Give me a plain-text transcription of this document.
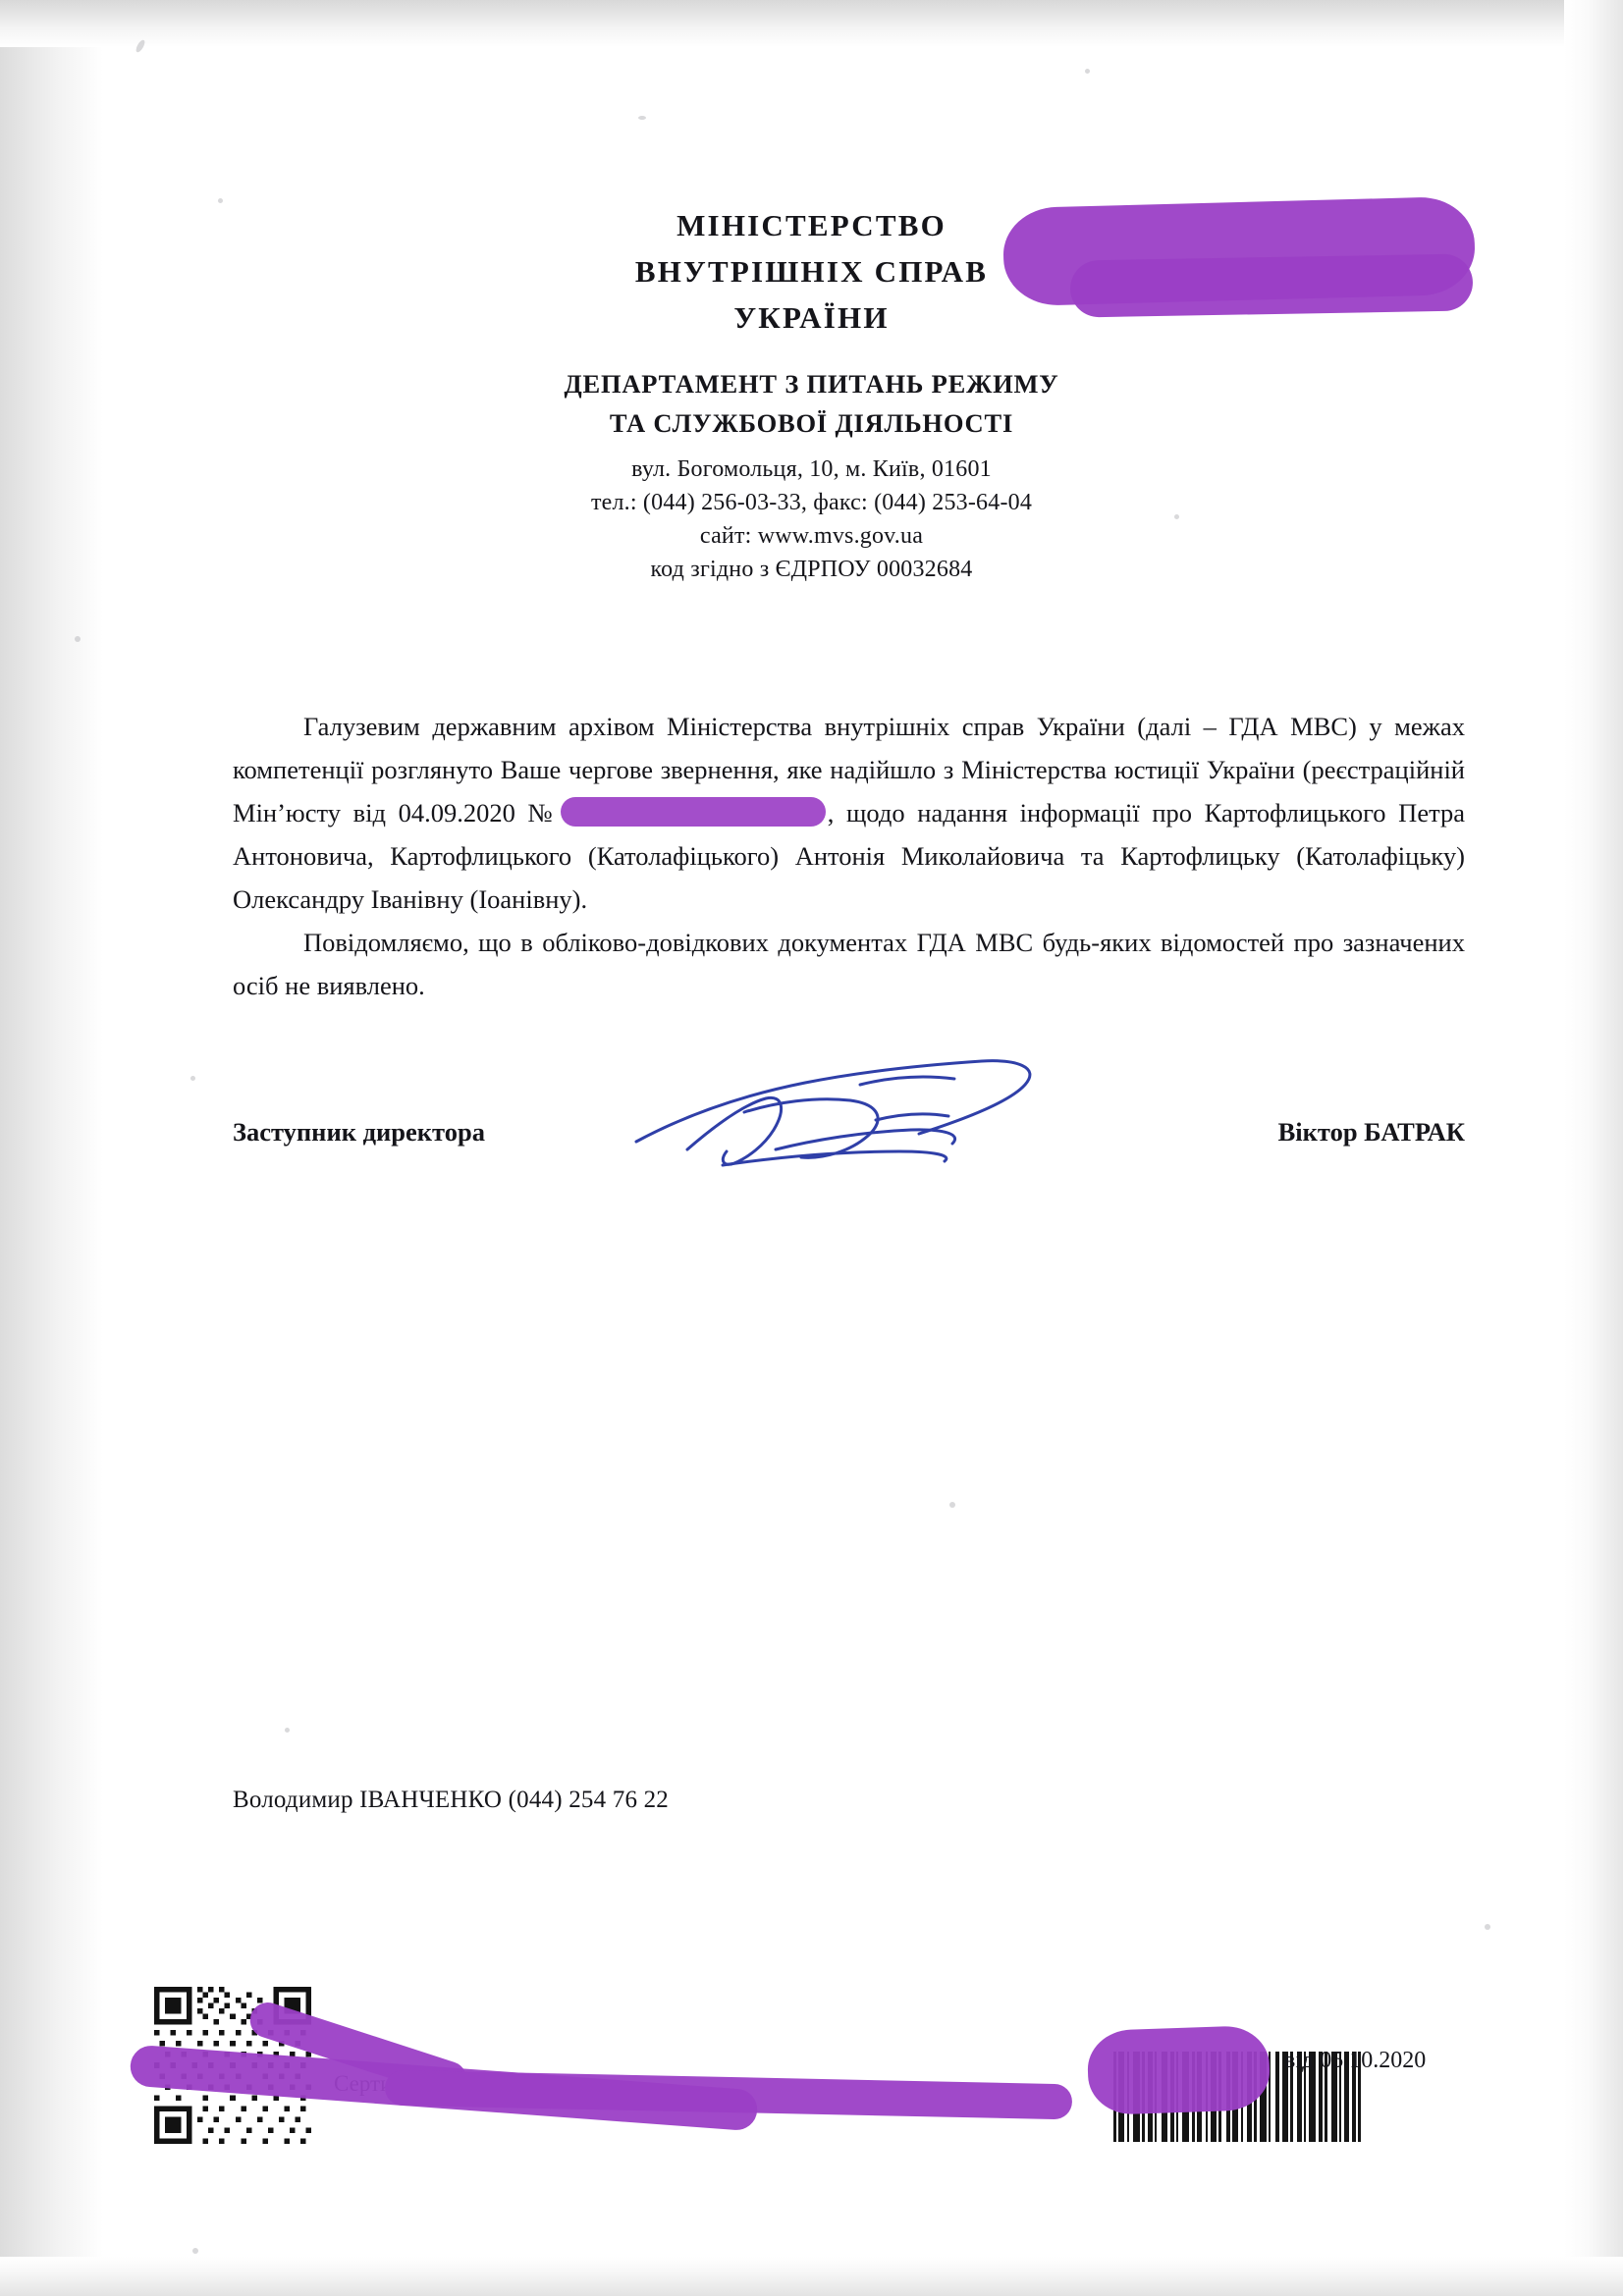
МІНІСТЕРСТВО
ВНУТРІШНІХ СПРАВ
УКРАЇНИ
ДЕПАРТАМЕНТ З ПИТАНЬ РЕЖИМУ
ТА СЛУЖБОВОЇ ДІЯЛЬНОСТІ
вул. Богомольця, 10, м. Київ, 01601
тел.: (044) 256-03-33, факс: (044) 253-64-04
сайт: www.mvs.gov.ua
код згідно з ЄДРПОУ 00032684

Галузевим державним архівом Міністерства внутрішніх справ України (далі – ГДА МВС) у межах компетенції розглянуто Ваше чергове звернення, яке надійшло з Міністерства юстиції України (реєстраційній Мін’юсту від 04.09.2020 №	, щодо надання інформації про Картофлицького Петра Антоновича, Картофлицького (Католафіцького) Антонія Миколайовича та Картофлицьку (Католафіцьку) Олександру Іванівну (Іоанівну).

Повідомляємо, що в обліково-довідкових документах ГДА МВС будь-яких відомостей про зазначених осіб не виявлено.

Заступник директора	Віктор БАТРАК
Володимир ІВАНЧЕНКО (044) 254 76 22
від 05.10.2020
